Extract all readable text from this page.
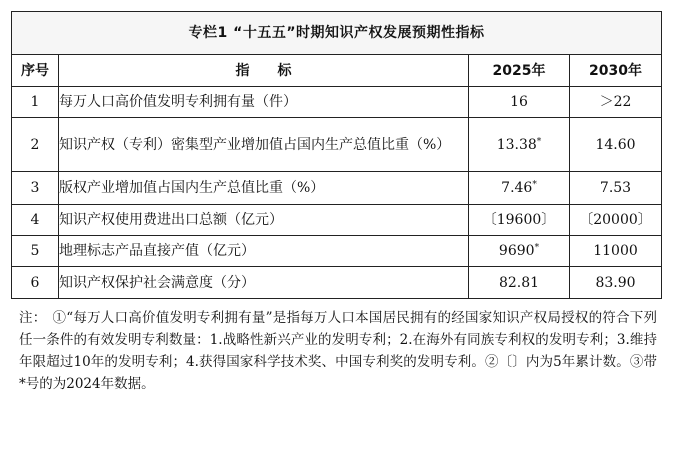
专栏1 “十五五”时期知识产权发展预期性指标			
序号	指　　标	2025年	2030年
1	每万人口高价值发明专利拥有量（件）	16	＞22
2	知识产权（专利）密集型产业增加值占国内生产总值比重（%）	13.38*	14.60
3	版权产业增加值占国内生产总值比重（%）	7.46*	7.53
4	知识产权使用费进出口总额（亿元）	〔19600〕	〔20000〕
5	地理标志产品直接产值（亿元）	9690*	11000
6	知识产权保护社会满意度（分）	82.81	83.90
注： ①“每万人口高价值发明专利拥有量”是指每万人口本国居民拥有的经国家知识产权局授权的符合下列任一条件的有效发明专利数量：1.战略性新兴产业的发明专利；2.在海外有同族专利权的发明专利；3.维持年限超过10年的发明专利；4.获得国家科学技术奖、中国专利奖的发明专利。②〔〕内为5年累计数。③带*号的为2024年数据。
